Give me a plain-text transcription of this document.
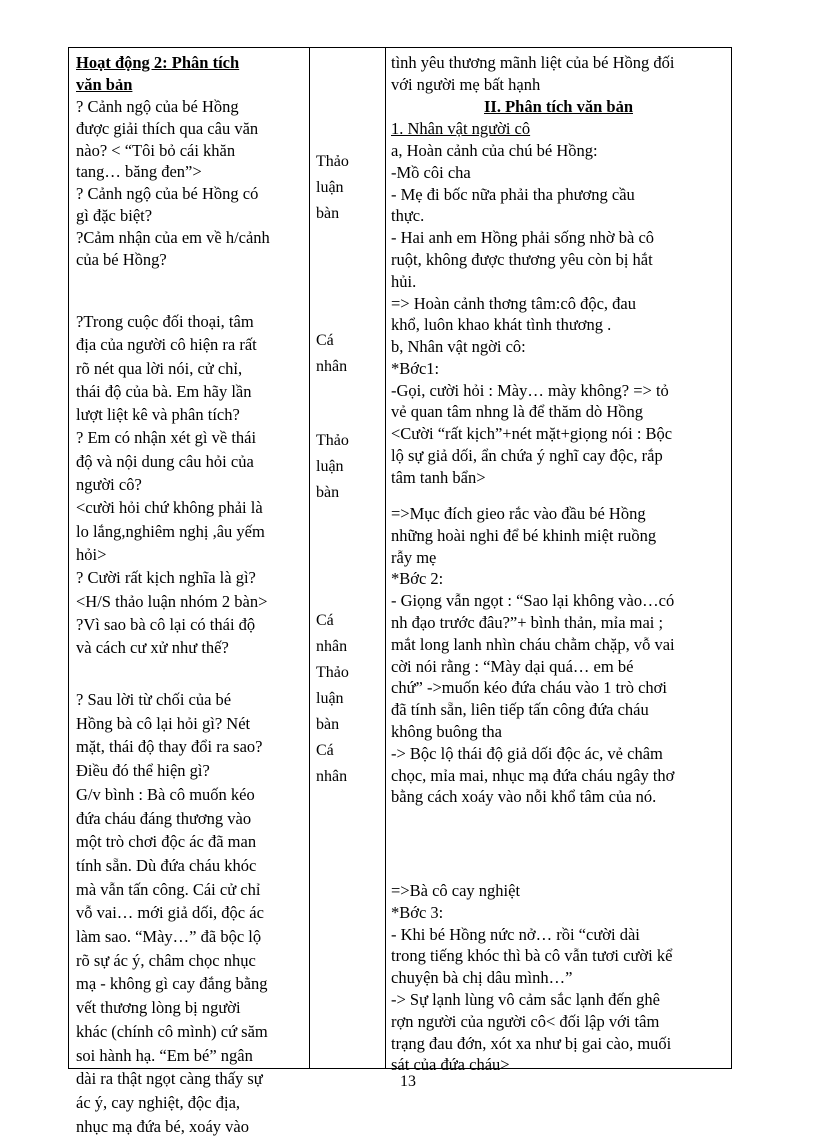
Hoạt động 2: Phân tích
văn bản
? Cảnh ngộ của bé Hồng
được giải thích qua câu văn
nào? < “Tôi bỏ cái khăn
tang… băng đen”>
? Cảnh ngộ của bé Hồng có
gì đặc biệt?
?Cảm nhận của em về h/cảnh
của bé Hồng?
?Trong cuộc đối thoại, tâm
địa của người cô hiện ra rất
rõ nét qua lời nói, cử chỉ,
thái độ của bà. Em hãy lần
lượt liệt kê và phân tích?
? Em có nhận xét gì về thái
độ và nội dung câu hỏi của
người cô?
<cười hỏi chứ không phải là
lo lắng,nghiêm nghị ,âu yếm
hỏi>
? Cười rất kịch nghĩa là gì?
<H/S thảo luận nhóm 2 bàn>
?Vì sao bà cô lại có thái độ
và cách cư xử như thế?
? Sau lời từ chối của bé
Hồng bà cô lại hỏi gì? Nét
mặt, thái độ thay đổi ra sao?
Điều đó thể hiện gì?
G/v bình : Bà cô muốn kéo
đứa cháu đáng thương vào
một trò chơi độc ác đã man
tính sẵn. Dù đứa cháu khóc
mà vẫn tấn công. Cái cử chỉ
vỗ vai… mới giả dối, độc ác
làm sao. “Mày…” đã bộc lộ
rõ sự ác ý, châm chọc nhục
mạ - không gì cay đắng bằng
vết thương lòng bị người
khác (chính cô mình) cứ săm
soi hành hạ. “Em bé” ngân
dài ra thật ngọt càng thấy sự
ác ý, cay nghiệt, độc địa,
nhục mạ đứa bé, xoáy vào
Thảo
luận
bàn
Cá
nhân
Thảo
luận
bàn
Cá
nhân
Thảo
luận
bàn
Cá
nhân
tình yêu thương mãnh liệt của bé Hồng đối
với người mẹ bất hạnh
II. Phân tích văn bản
1. Nhân vật người cô
a, Hoàn cảnh của chú bé Hồng:
-Mồ côi cha
- Mẹ đi bốc nữa phải tha phương cầu
thực.
- Hai anh em Hồng phải sống nhờ bà cô
ruột, không được thương yêu còn bị hắt
hủi.
=> Hoàn cảnh thơng tâm:cô độc, đau
khổ, luôn khao khát tình thương .
b, Nhân vật ngời cô:
*Bớc1:
-Gọi, cười hỏi : Mày… mày không? => tỏ
vẻ quan tâm nhng là để thăm dò Hồng
<Cười “rất kịch”+nét mặt+giọng nói : Bộc
lộ sự giả dối, ẩn chứa ý nghĩ cay độc, rắp
tâm tanh bẩn>
=>Mục đích gieo rắc vào đầu bé Hồng
những hoài nghi để bé khinh miệt ruồng
rẫy mẹ
*Bớc 2:
- Giọng vẫn ngọt : “Sao lại không vào…có
nh đạo trước đâu?”+ bình thản, mỉa mai ;
mắt long lanh nhìn cháu chằm chặp, vỗ vai
cời nói rằng : “Mày dại quá… em bé
chứ” ->muốn kéo đứa cháu vào 1 trò chơi
đã tính sẵn, liên tiếp tấn công đứa cháu
không buông tha
-> Bộc lộ thái độ giả dối độc ác, vẻ châm
chọc, mỉa mai, nhục mạ đứa cháu ngây thơ
bằng cách xoáy vào nỗi khổ tâm của nó.
=>Bà cô cay nghiệt
*Bớc 3:
- Khi bé Hồng nức nở… rồi “cười dài
trong tiếng khóc thì bà cô vẫn tươi cười kể
chuyện bà chị dâu mình…”
-> Sự lạnh lùng vô cảm sắc lạnh đến ghê
rợn người của người cô< đối lập với tâm
trạng đau đớn, xót xa như bị gai cào, muối
sát của đứa cháu>
13
